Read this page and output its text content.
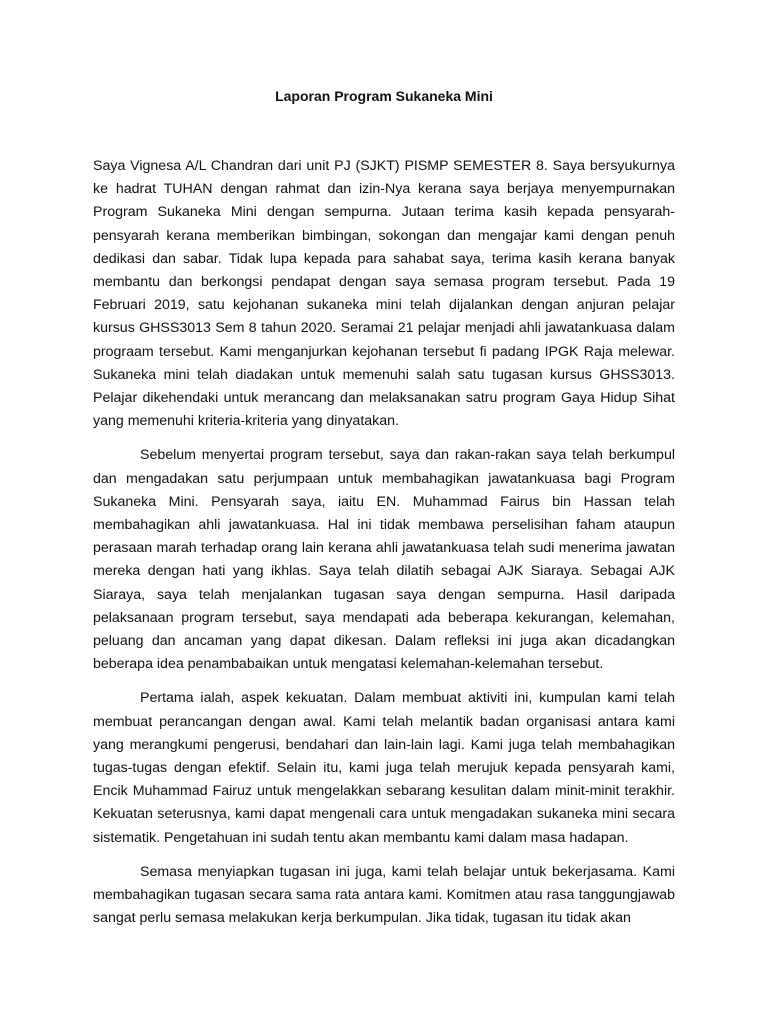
Laporan Program Sukaneka Mini

Saya Vignesa A/L Chandran dari unit PJ (SJKT) PISMP SEMESTER 8. Saya bersyukurnya ke hadrat TUHAN dengan rahmat dan izin-Nya kerana saya berjaya menyempurnakan Program Sukaneka Mini dengan sempurna. Jutaan terima kasih kepada pensyarah-pensyarah kerana memberikan bimbingan, sokongan dan mengajar kami dengan penuh dedikasi dan sabar. Tidak lupa kepada para sahabat saya, terima kasih kerana banyak membantu dan berkongsi pendapat dengan saya semasa program tersebut. Pada 19 Februari 2019, satu kejohanan sukaneka mini telah dijalankan dengan anjuran pelajar kursus GHSS3013 Sem 8 tahun 2020. Seramai 21 pelajar menjadi ahli jawatankuasa dalam prograam tersebut. Kami menganjurkan kejohanan tersebut fi padang IPGK Raja melewar. Sukaneka mini telah diadakan untuk memenuhi salah satu tugasan kursus GHSS3013. Pelajar dikehendaki untuk merancang dan melaksanakan satru program Gaya Hidup Sihat yang memenuhi kriteria-kriteria yang dinyatakan.

Sebelum menyertai program tersebut, saya dan rakan-rakan saya telah berkumpul dan mengadakan satu perjumpaan untuk membahagikan jawatankuasa bagi Program Sukaneka Mini. Pensyarah saya, iaitu EN. Muhammad Fairus bin Hassan telah membahagikan ahli jawatankuasa. Hal ini tidak membawa perselisihan faham ataupun perasaan marah terhadap orang lain kerana ahli jawatankuasa telah sudi menerima jawatan mereka dengan hati yang ikhlas. Saya telah dilatih sebagai AJK Siaraya. Sebagai AJK Siaraya, saya telah menjalankan tugasan saya dengan sempurna. Hasil daripada pelaksanaan program tersebut, saya mendapati ada beberapa kekurangan, kelemahan, peluang dan ancaman yang dapat dikesan. Dalam refleksi ini juga akan dicadangkan beberapa idea penambabaikan untuk mengatasi kelemahan-kelemahan tersebut.

Pertama ialah, aspek kekuatan. Dalam membuat aktiviti ini, kumpulan kami telah membuat perancangan dengan awal. Kami telah melantik badan organisasi antara kami yang merangkumi pengerusi, bendahari dan lain-lain lagi. Kami juga telah membahagikan tugas-tugas dengan efektif. Selain itu, kami juga telah merujuk kepada pensyarah kami, Encik Muhammad Fairuz untuk mengelakkan sebarang kesulitan dalam minit-minit terakhir. Kekuatan seterusnya, kami dapat mengenali cara untuk mengadakan sukaneka mini secara sistematik. Pengetahuan ini sudah tentu akan membantu kami dalam masa hadapan.

Semasa menyiapkan tugasan ini juga, kami telah belajar untuk bekerjasama. Kami membahagikan tugasan secara sama rata antara kami. Komitmen atau rasa tanggungjawab sangat perlu semasa melakukan kerja berkumpulan. Jika tidak, tugasan itu tidak akan
